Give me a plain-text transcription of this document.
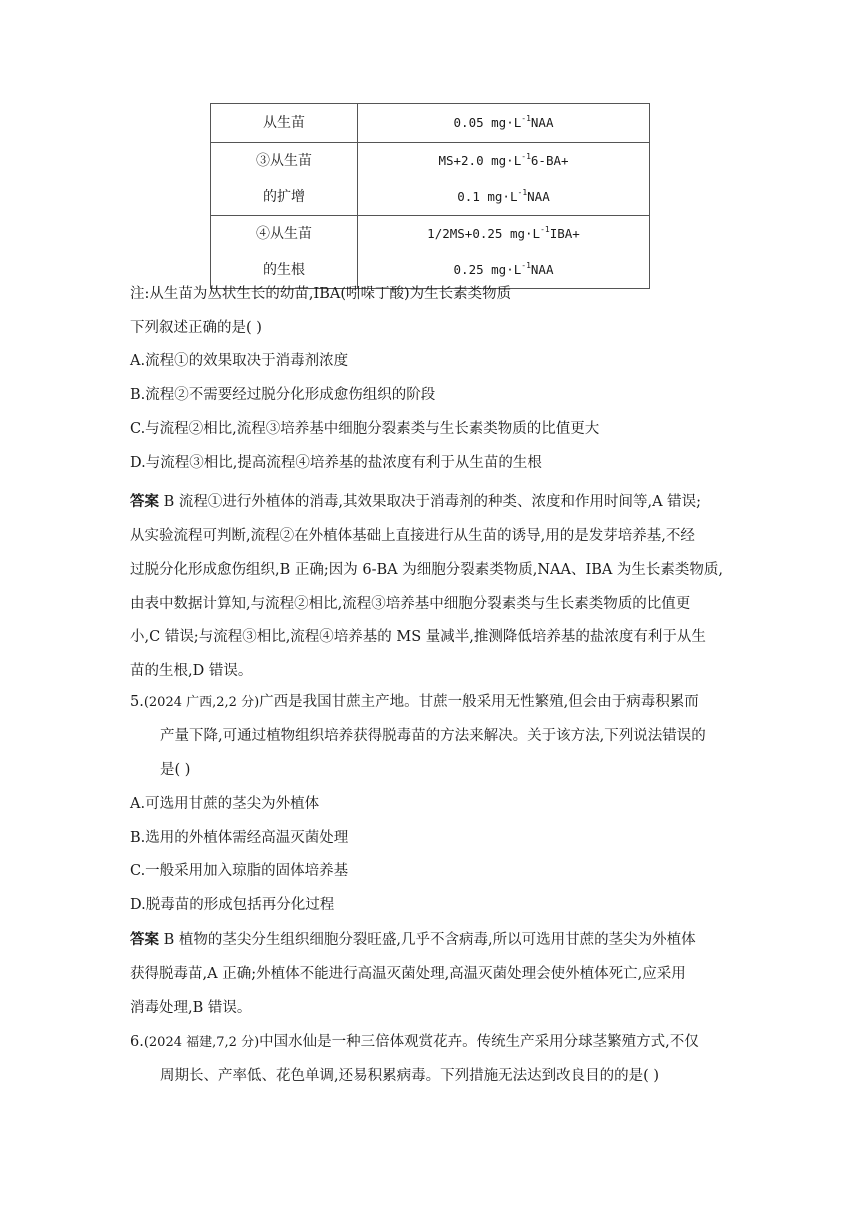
从生苗	0.05 $mg\cdot L^{-1}NAA$

③从生苗
的扩增	MS+2.0 $mg\cdot L^{-1}6-BA+$
0.1 $mg\cdot L^{-1}NAA$

④从生苗
的生根	1/2MS+0.25 $mg\cdot L^{-1}IBA+$
0.25 $mg\cdot L^{-1}NAA$
注:从生苗为丛状生长的幼苗,IBA(吲哚丁酸)为生长素类物质
下列叙述正确的是( )
A.流程①的效果取决于消毒剂浓度
B.流程②不需要经过脱分化形成愈伤组织的阶段
C.与流程②相比,流程③培养基中细胞分裂素类与生长素类物质的比值更大
D.与流程③相比,提高流程④培养基的盐浓度有利于从生苗的生根
答案 B 流程①进行外植体的消毒,其效果取决于消毒剂的种类、浓度和作用时间等,A 错误;
从实验流程可判断,流程②在外植体基础上直接进行从生苗的诱导,用的是发芽培养基,不经
过脱分化形成愈伤组织,B 正确;因为 6-BA 为细胞分裂素类物质,NAA、IBA 为生长素类物质,
由表中数据计算知,与流程②相比,流程③培养基中细胞分裂素类与生长素类物质的比值更
小,C 错误;与流程③相比,流程④培养基的 MS 量减半,推测降低培养基的盐浓度有利于从生
苗的生根,D 错误。
5.(2024 广西,2,2 分)广西是我国甘蔗主产地。甘蔗一般采用无性繁殖,但会由于病毒积累而
产量下降,可通过植物组织培养获得脱毒苗的方法来解决。关于该方法,下列说法错误的
是( )
A.可选用甘蔗的茎尖为外植体
B.选用的外植体需经高温灭菌处理
C.一般采用加入琼脂的固体培养基
D.脱毒苗的形成包括再分化过程
答案 B 植物的茎尖分生组织细胞分裂旺盛,几乎不含病毒,所以可选用甘蔗的茎尖为外植体
获得脱毒苗,A 正确;外植体不能进行高温灭菌处理,高温灭菌处理会使外植体死亡,应采用
消毒处理,B 错误。
6.(2024 福建,7,2 分)中国水仙是一种三倍体观赏花卉。传统生产采用分球茎繁殖方式,不仅
周期长、产率低、花色单调,还易积累病毒。下列措施无法达到改良目的的是( )
